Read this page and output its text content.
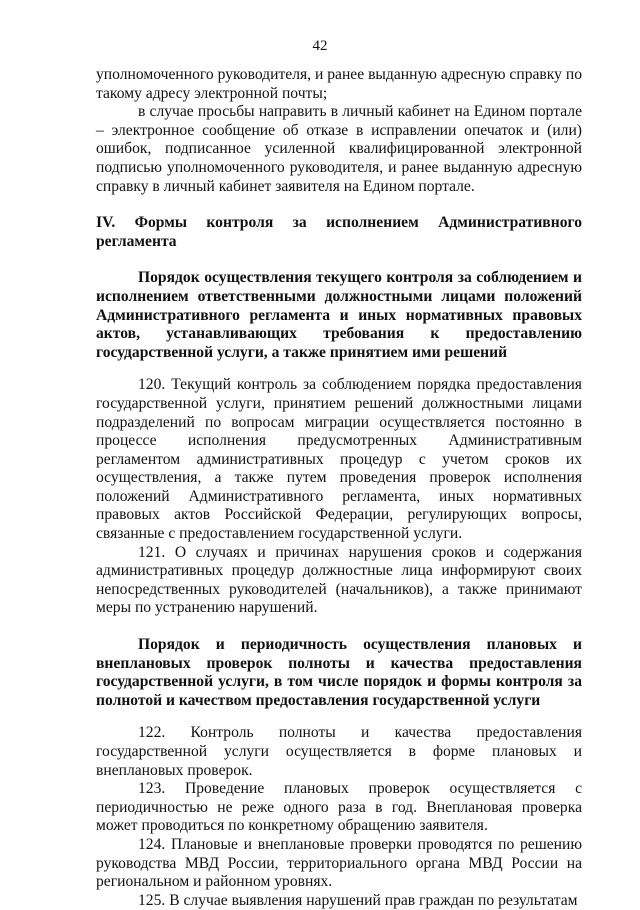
42

уполномоченного руководителя, и ранее выданную адресную справку по такому адресу электронной почты;

в случае просьбы направить в личный кабинет на Едином портале – электронное сообщение об отказе в исправлении опечаток и (или) ошибок, подписанное усиленной квалифицированной электронной подписью уполномоченного руководителя, и ранее выданную адресную справку в личный кабинет заявителя на Едином портале.

IV. Формы контроля за исполнением Административного регламента

Порядок осуществления текущего контроля за соблюдением и исполнением ответственными должностными лицами положений Административного регламента и иных нормативных правовых актов, устанавливающих требования к предоставлению государственной услуги, а также принятием ими решений

120. Текущий контроль за соблюдением порядка предоставления государственной услуги, принятием решений должностными лицами подразделений по вопросам миграции осуществляется постоянно в процессе исполнения предусмотренных Административным регламентом административных процедур с учетом сроков их осуществления, а также путем проведения проверок исполнения положений Административного регламента, иных нормативных правовых актов Российской Федерации, регулирующих вопросы, связанные с предоставлением государственной услуги.

121. О случаях и причинах нарушения сроков и содержания административных процедур должностные лица информируют своих непосредственных руководителей (начальников), а также принимают меры по устранению нарушений.

Порядок и периодичность осуществления плановых и внеплановых проверок полноты и качества предоставления государственной услуги, в том числе порядок и формы контроля за полнотой и качеством предоставления государственной услуги

122. Контроль полноты и качества предоставления государственной услуги осуществляется в форме плановых и внеплановых проверок.

123. Проведение плановых проверок осуществляется с периодичностью не реже одного раза в год. Внеплановая проверка может проводиться по конкретному обращению заявителя.

124. Плановые и внеплановые проверки проводятся по решению руководства МВД России, территориального органа МВД России на региональном и районном уровнях.

125. В случае выявления нарушений прав граждан по результатам
